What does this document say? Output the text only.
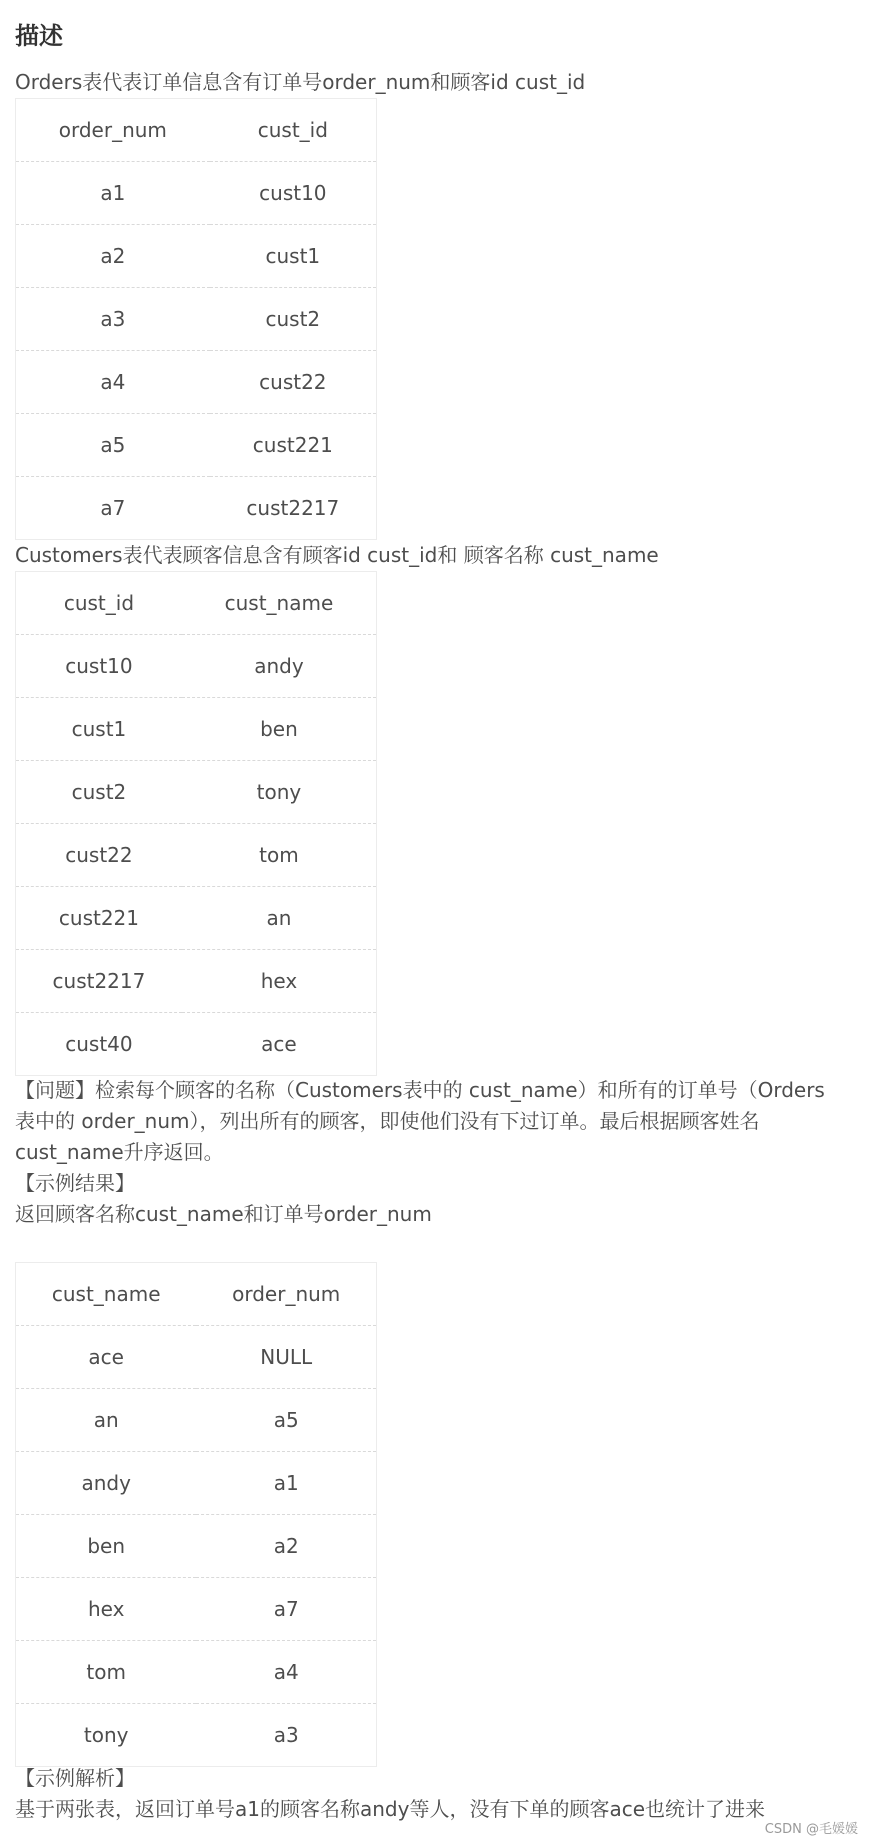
描述
Orders表代表订单信息含有订单号order_num和顾客id cust_id
order_num	cust_id
a1	cust10
a2	cust1
a3	cust2
a4	cust22
a5	cust221
a7	cust2217
Customers表代表顾客信息含有顾客id cust_id和 顾客名称 cust_name
cust_id	cust_name
cust10	andy
cust1	ben
cust2	tony
cust22	tom
cust221	an
cust2217	hex
cust40	ace
【问题】检索每个顾客的名称（Customers表中的 cust_name）和所有的订单号（Orders
表中的 order_num），列出所有的顾客，即使他们没有下过订单。最后根据顾客姓名
cust_name升序返回。
【示例结果】
返回顾客名称cust_name和订单号order_num
cust_name	order_num
ace	NULL
an	a5
andy	a1
ben	a2
hex	a7
tom	a4
tony	a3
【示例解析】
基于两张表，返回订单号a1的顾客名称andy等人，没有下单的顾客ace也统计了进来
CSDN @毛媛媛
